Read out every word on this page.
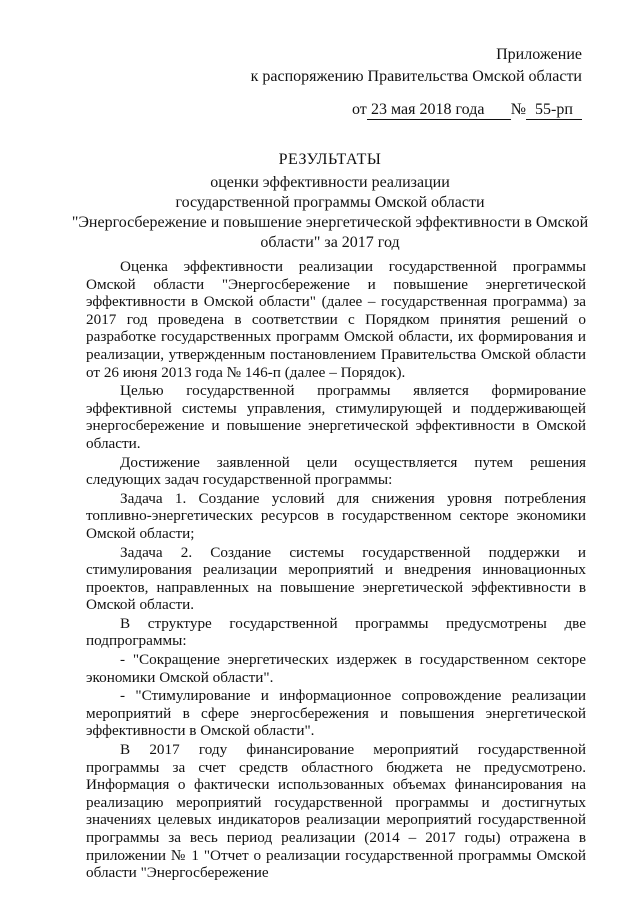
Приложение
к распоряжению Правительства Омской области
от 23 мая 2018 года № 55-рп
РЕЗУЛЬТАТЫ
оценки эффективности реализации
государственной программы Омской области
"Энергосбережение и повышение энергетической эффективности в Омской
области" за 2017 год

Оценка эффективности реализации государственной программы Омской области "Энергосбережение и повышение энергетической эффективности в Омской области" (далее – государственная программа) за 2017 год проведена в соответствии с Порядком принятия решений о разработке государственных программ Омской области, их формирования и реализации, утвержденным постановлением Правительства Омской области от 26 июня 2013 года № 146-п (далее – Порядок).

Целью государственной программы является формирование эффективной системы управления, стимулирующей и поддерживающей энергосбережение и повышение энергетической эффективности в Омской области.

Достижение заявленной цели осуществляется путем решения следующих задач государственной программы:

Задача 1. Создание условий для снижения уровня потребления топливно-энергетических ресурсов в государственном секторе экономики Омской области;

Задача 2. Создание системы государственной поддержки и стимулирования реализации мероприятий и внедрения инновационных проектов, направленных на повышение энергетической эффективности в Омской области.

В структуре государственной программы предусмотрены две подпрограммы:

- "Сокращение энергетических издержек в государственном секторе экономики Омской области".

- "Стимулирование и информационное сопровождение реализации мероприятий в сфере энергосбережения и повышения энергетической эффективности в Омской области".

В 2017 году финансирование мероприятий государственной программы за счет средств областного бюджета не предусмотрено. Информация о фактически использованных объемах финансирования на реализацию мероприятий государственной программы и достигнутых значениях целевых индикаторов реализации мероприятий государственной программы за весь период реализации (2014 – 2017 годы) отражена в приложении № 1 "Отчет о реализации государственной программы Омской области "Энергосбережение
